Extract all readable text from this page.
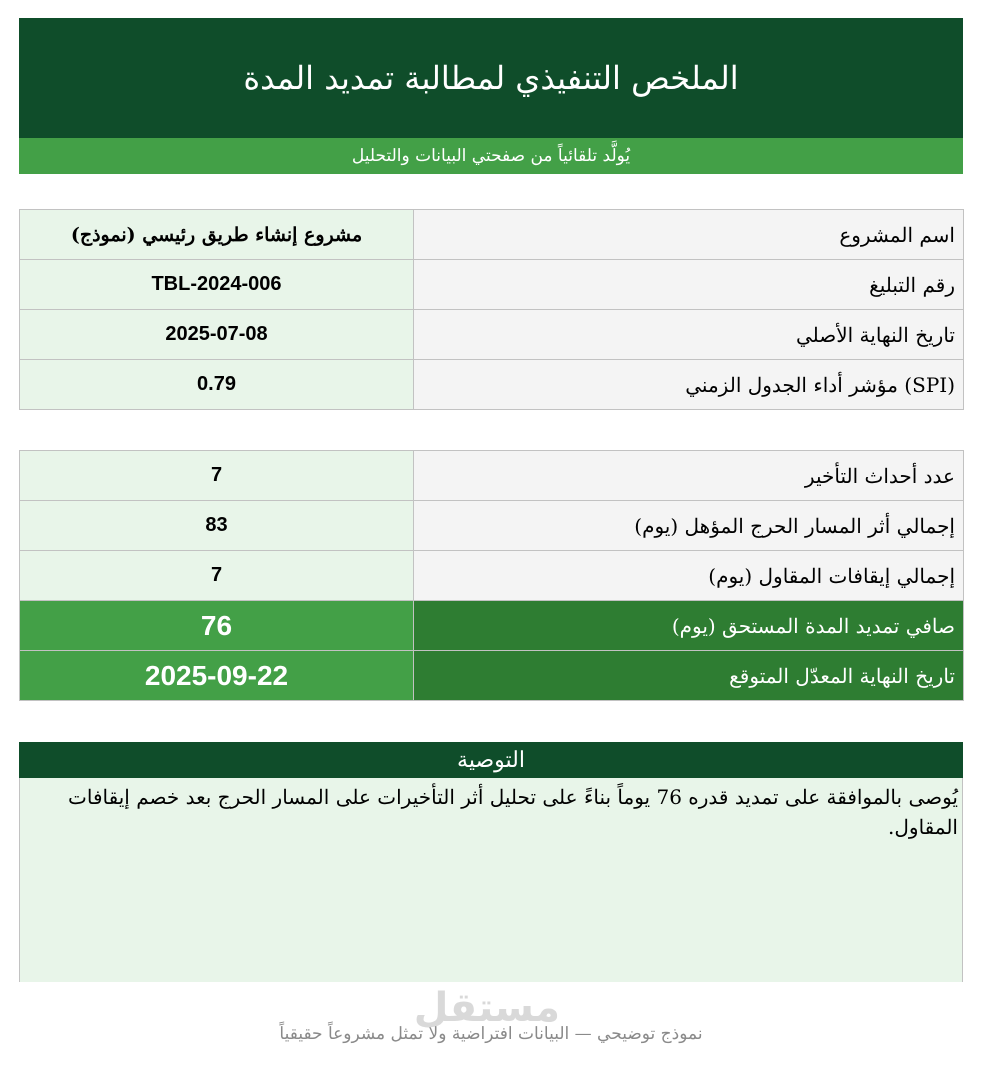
الملخص التنفيذي لمطالبة تمديد المدة
يُولَّد تلقائياً من صفحتي البيانات والتحليل
اسم المشروع	مشروع إنشاء طريق رئيسي (نموذج)
رقم التبليغ	TBL-2024-006
تاريخ النهاية الأصلي	2025-07-08
(SPI) مؤشر أداء الجدول الزمني	0.79
عدد أحداث التأخير	7
إجمالي أثر المسار الحرج المؤهل (يوم)	83
إجمالي إيقافات المقاول (يوم)	7
صافي تمديد المدة المستحق (يوم)	76
تاريخ النهاية المعدّل المتوقع	2025-09-22
التوصية
يُوصى بالموافقة على تمديد قدره 76 يوماً بناءً على تحليل أثر التأخيرات على المسار الحرج بعد خصم إيقافات المقاول.
مستقل
نموذج توضيحي — البيانات افتراضية ولا تمثل مشروعاً حقيقياً
